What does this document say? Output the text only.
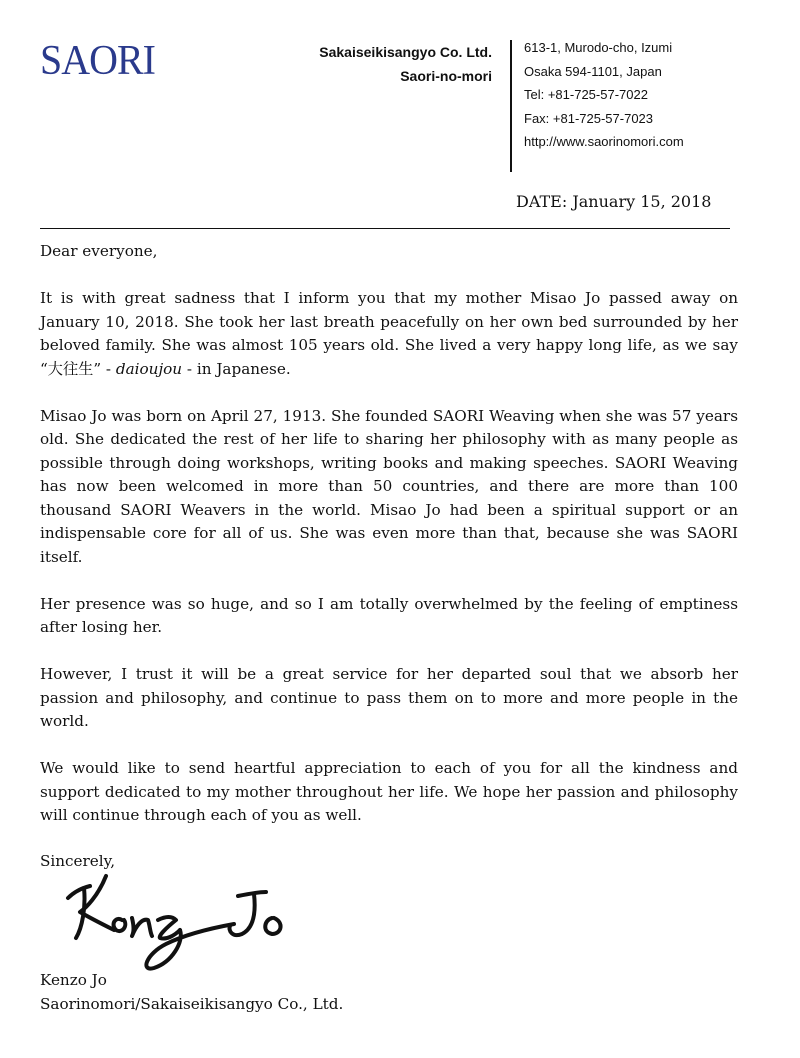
SAORI	Sakaiseikisangyo Co. Ltd.
Saori-no-mori
613-1, Murodo-cho, Izumi
Osaka 594-1101, Japan
Tel: +81-725-57-7022
Fax: +81-725-57-7023
http://www.saorinomori.com
DATE: January 15, 2018

Dear everyone,

It is with great sadness that I inform you that my mother Misao Jo passed away on January 10, 2018. She took her last breath peacefully on her own bed surrounded by her beloved family. She was almost 105 years old. She lived a very happy long life, as we say “大往生” - daioujou - in Japanese.

Misao Jo was born on April 27, 1913. She founded SAORI Weaving when she was 57 years old. She dedicated the rest of her life to sharing her philosophy with as many people as possible through doing workshops, writing books and making speeches. SAORI Weaving has now been welcomed in more than 50 countries, and there are more than 100 thousand SAORI Weavers in the world. Misao Jo had been a spiritual support or an indispensable core for all of us. She was even more than that, because she was SAORI itself.

Her presence was so huge, and so I am totally overwhelmed by the feeling of emptiness after losing her.

However, I trust it will be a great service for her departed soul that we absorb her passion and philosophy, and continue to pass them on to more and more people in the world.

We would like to send heartful appreciation to each of you for all the kindness and support dedicated to my mother throughout her life. We hope her passion and philosophy will continue through each of you as well.

Sincerely,
Kenzo Jo
Saorinomori/Sakaiseikisangyo Co., Ltd.
